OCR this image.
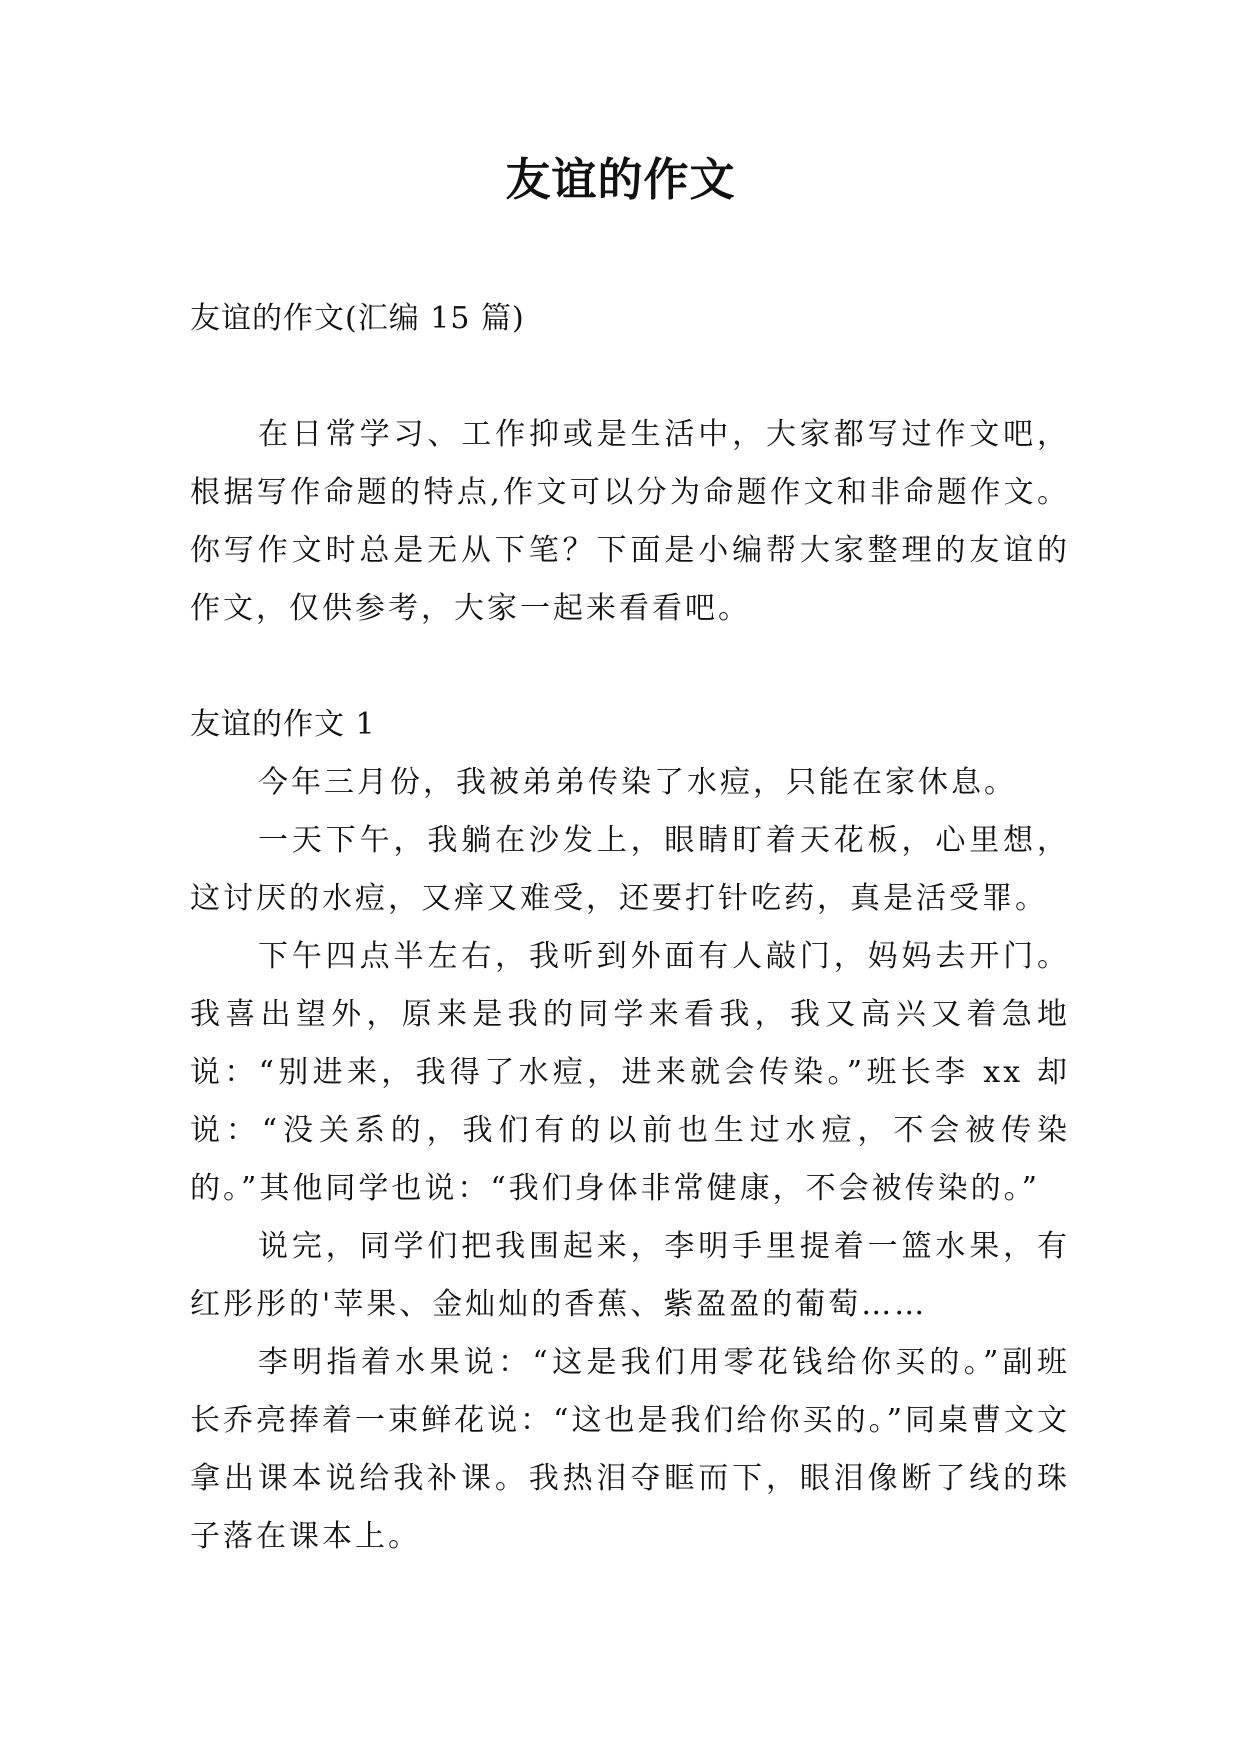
友谊的作文

友谊的作文(汇编 15 篇)

在日常学习、工作抑或是生活中，大家都写过作文吧，根据写作命题的特点,作文可以分为命题作文和非命题作文。你写作文时总是无从下笔？下面是小编帮大家整理的友谊的作文，仅供参考，大家一起来看看吧。

友谊的作文 1

今年三月份，我被弟弟传染了水痘，只能在家休息。

一天下午，我躺在沙发上，眼睛盯着天花板，心里想，这讨厌的水痘，又痒又难受，还要打针吃药，真是活受罪。

下午四点半左右，我听到外面有人敲门，妈妈去开门。我喜出望外，原来是我的同学来看我，我又高兴又着急地说：“别进来，我得了水痘，进来就会传染。”班长李 xx 却说：“没关系的，我们有的以前也生过水痘，不会被传染的。”其他同学也说：“我们身体非常健康，不会被传染的。”

说完，同学们把我围起来，李明手里提着一篮水果，有红彤彤的'苹果、金灿灿的香蕉、紫盈盈的葡萄……

李明指着水果说：“这是我们用零花钱给你买的。”副班长乔亮捧着一束鲜花说：“这也是我们给你买的。”同桌曹文文拿出课本说给我补课。我热泪夺眶而下，眼泪像断了线的珠子落在课本上。
